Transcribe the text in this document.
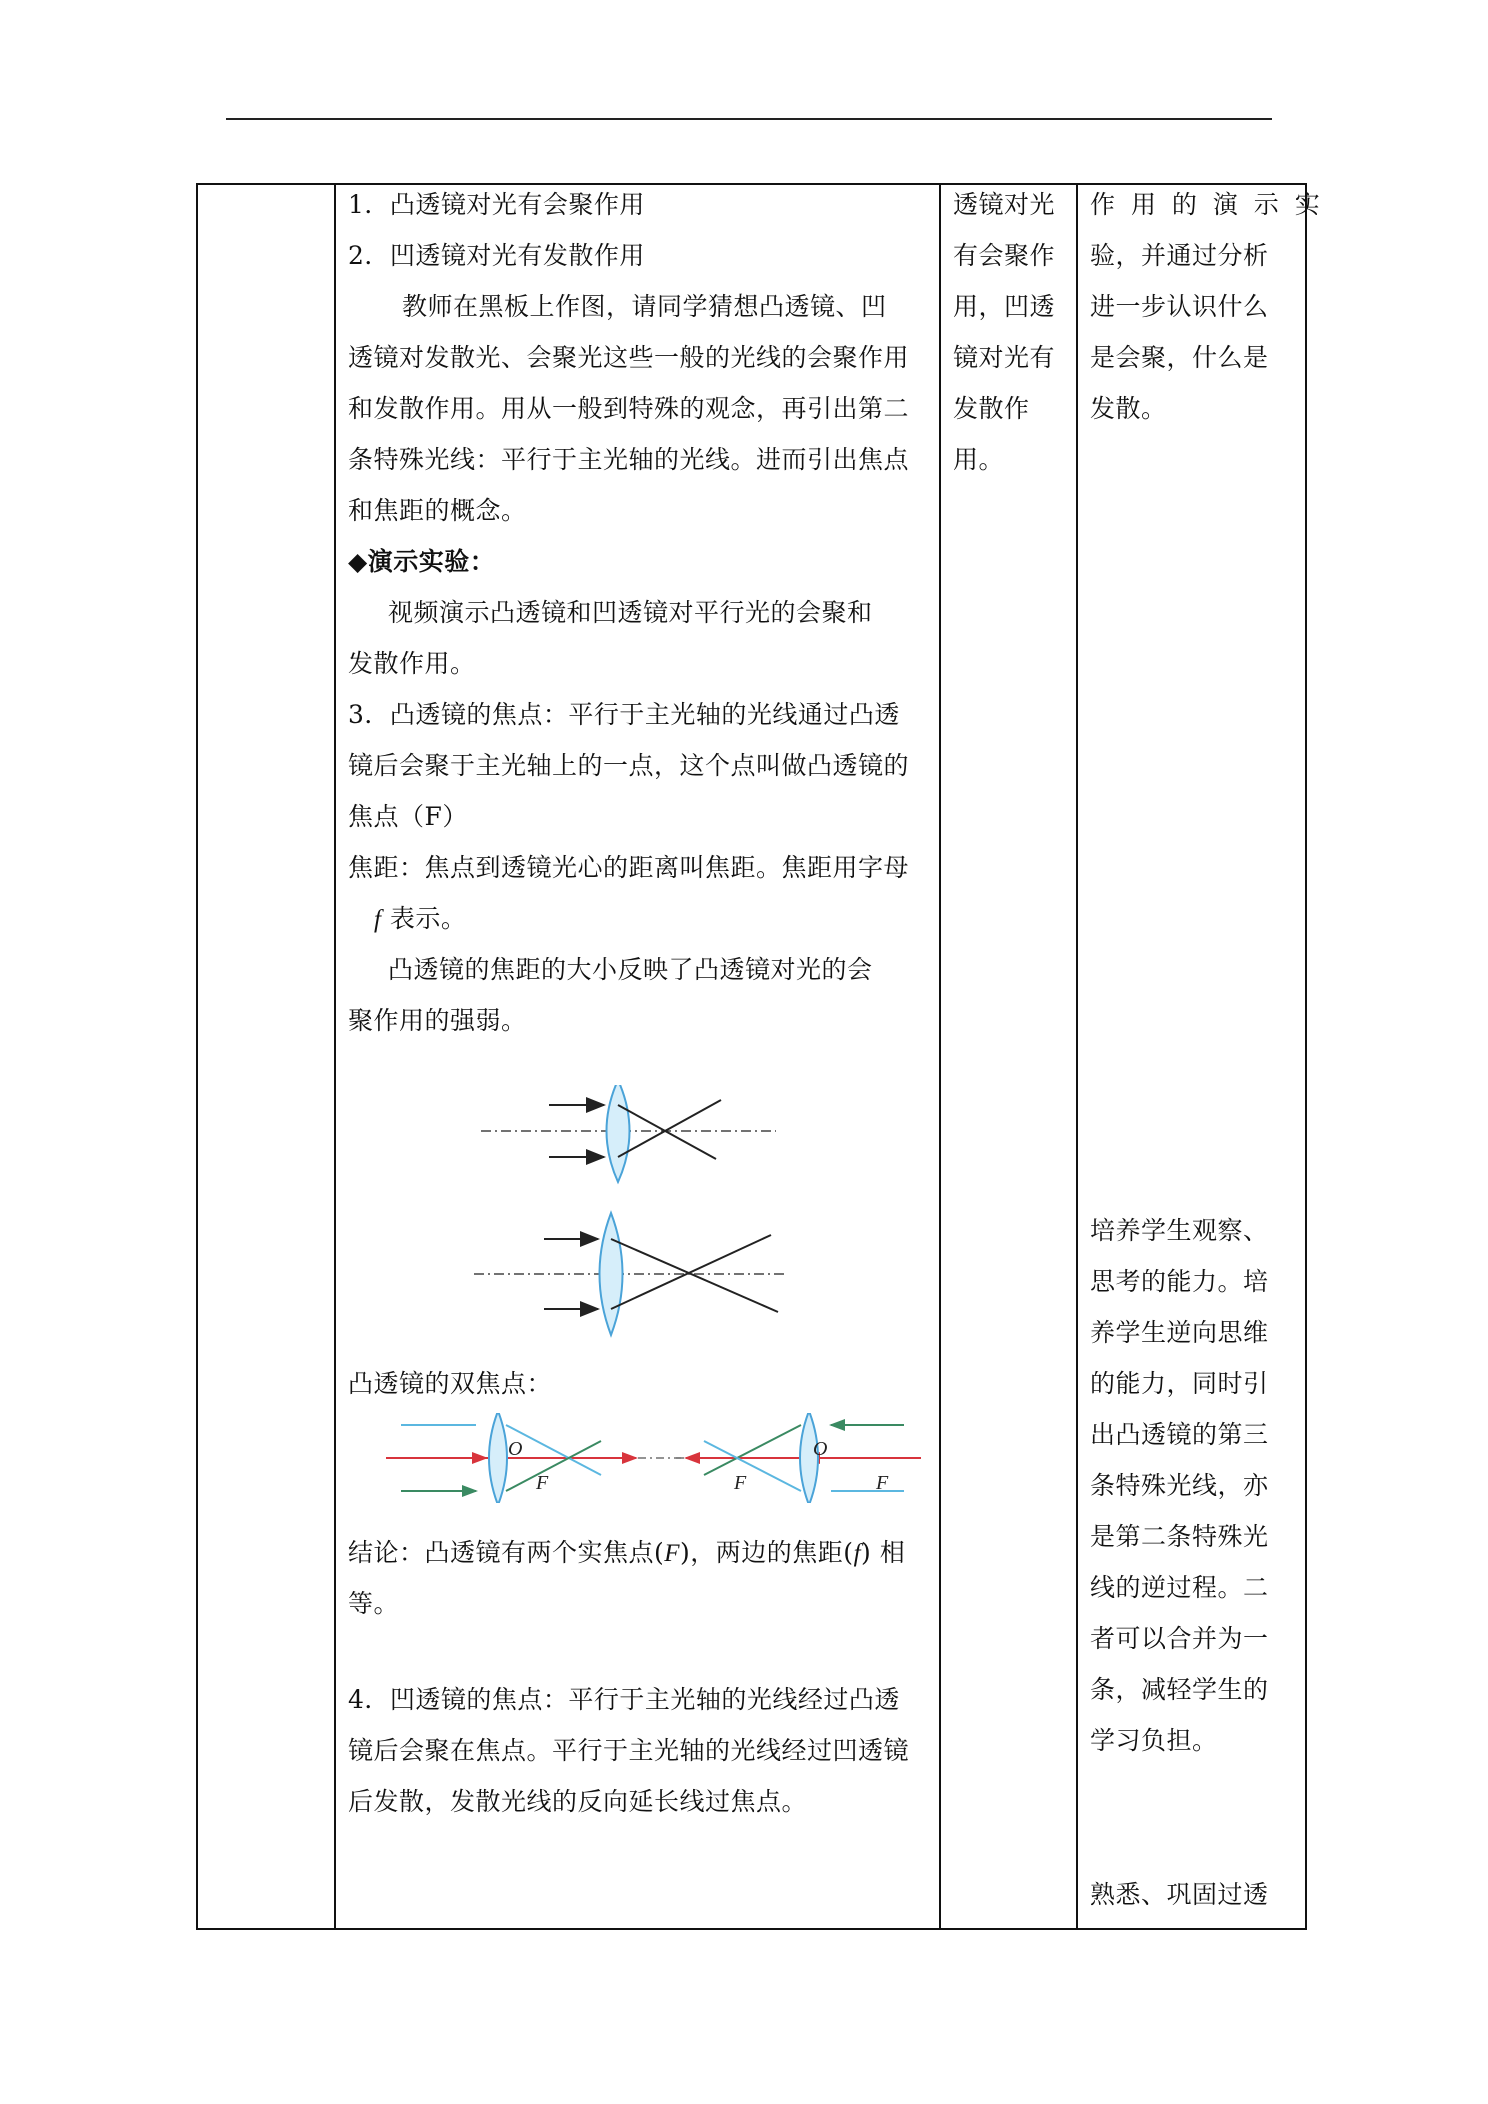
1．凸透镜对光有会聚作用
2．凹透镜对光有发散作用
教师在黑板上作图，请同学猜想凸透镜、凹
透镜对发散光、会聚光这些一般的光线的会聚作用
和发散作用。用从一般到特殊的观念，再引出第二
条特殊光线：平行于主光轴的光线。进而引出焦点
和焦距的概念。
◆演示实验：
视频演示凸透镜和凹透镜对平行光的会聚和
发散作用。
3．凸透镜的焦点：平行于主光轴的光线通过凸透
镜后会聚于主光轴上的一点，这个点叫做凸透镜的
焦点（F）
焦距：焦点到透镜光心的距离叫焦距。焦距用字母
f 表示。
凸透镜的焦距的大小反映了凸透镜对光的会
聚作用的强弱。
凸透镜的双焦点：
O
F
O
F	F
结论：凸透镜有两个实焦点(F)，两边的焦距(f) 相
等。
4．凹透镜的焦点：平行于主光轴的光线经过凸透
镜后会聚在焦点。平行于主光轴的光线经过凹透镜
后发散，发散光线的反向延长线过焦点。
透镜对光
有会聚作
用，凹透
镜对光有
发散作
用。
作 用 的 演 示 实
验，并通过分析
进一步认识什么
是会聚，什么是
发散。
培养学生观察、
思考的能力。培
养学生逆向思维
的能力，同时引
出凸透镜的第三
条特殊光线，亦
是第二条特殊光
线的逆过程。二
者可以合并为一
条，减轻学生的
学习负担。
熟悉、巩固过透
